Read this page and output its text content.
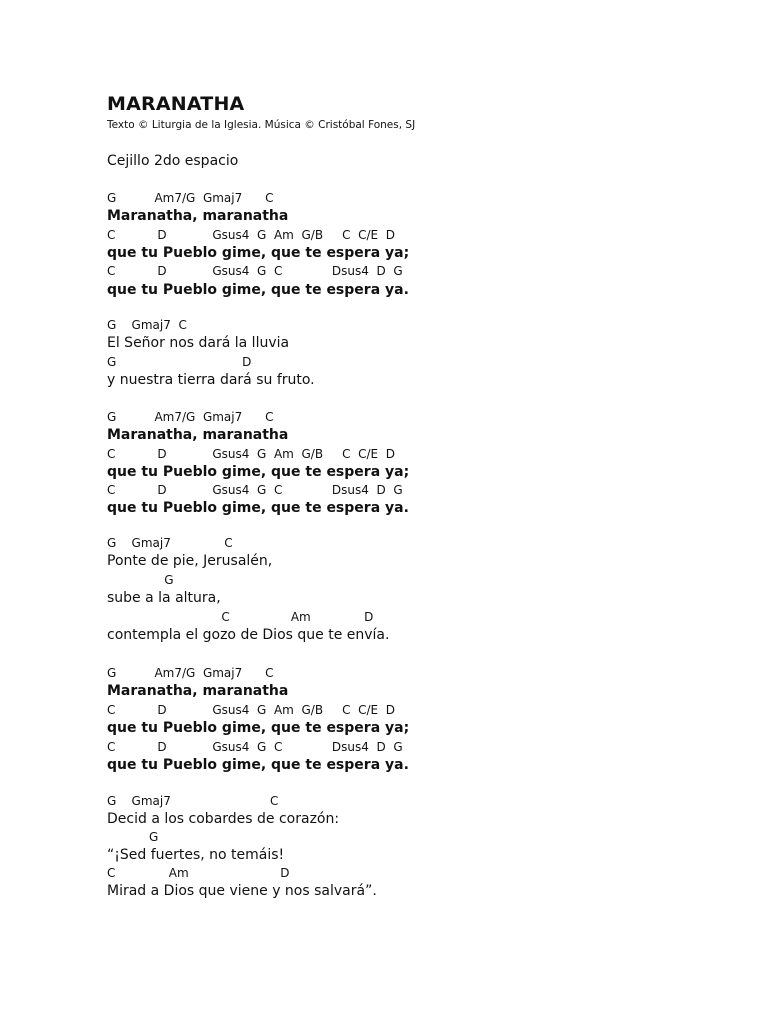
MARANATHA
Texto © Liturgia de la Iglesia. Música © Cristóbal Fones, SJ
Cejillo 2do espacio
G          Am7/G  Gmaj7      C
Maranatha, maranatha
C           D            Gsus4  G  Am  G/B     C  C/E  D
que tu Pueblo gime, que te espera ya;
C           D            Gsus4  G  C             Dsus4  D  G
que tu Pueblo gime, que te espera ya.
G    Gmaj7  C
El Señor nos dará la lluvia
G                                 D
y nuestra tierra dará su fruto.
G          Am7/G  Gmaj7      C
Maranatha, maranatha
C           D            Gsus4  G  Am  G/B     C  C/E  D
que tu Pueblo gime, que te espera ya;
C           D            Gsus4  G  C             Dsus4  D  G
que tu Pueblo gime, que te espera ya.
G    Gmaj7              C
Ponte de pie, Jerusalén,
G
sube a la altura,
C                Am              D
contempla el gozo de Dios que te envía.
G          Am7/G  Gmaj7      C
Maranatha, maranatha
C           D            Gsus4  G  Am  G/B     C  C/E  D
que tu Pueblo gime, que te espera ya;
C           D            Gsus4  G  C             Dsus4  D  G
que tu Pueblo gime, que te espera ya.
G    Gmaj7                          C
Decid a los cobardes de corazón:
G
“¡Sed fuertes, no temáis!
C              Am                        D
Mirad a Dios que viene y nos salvará”.
